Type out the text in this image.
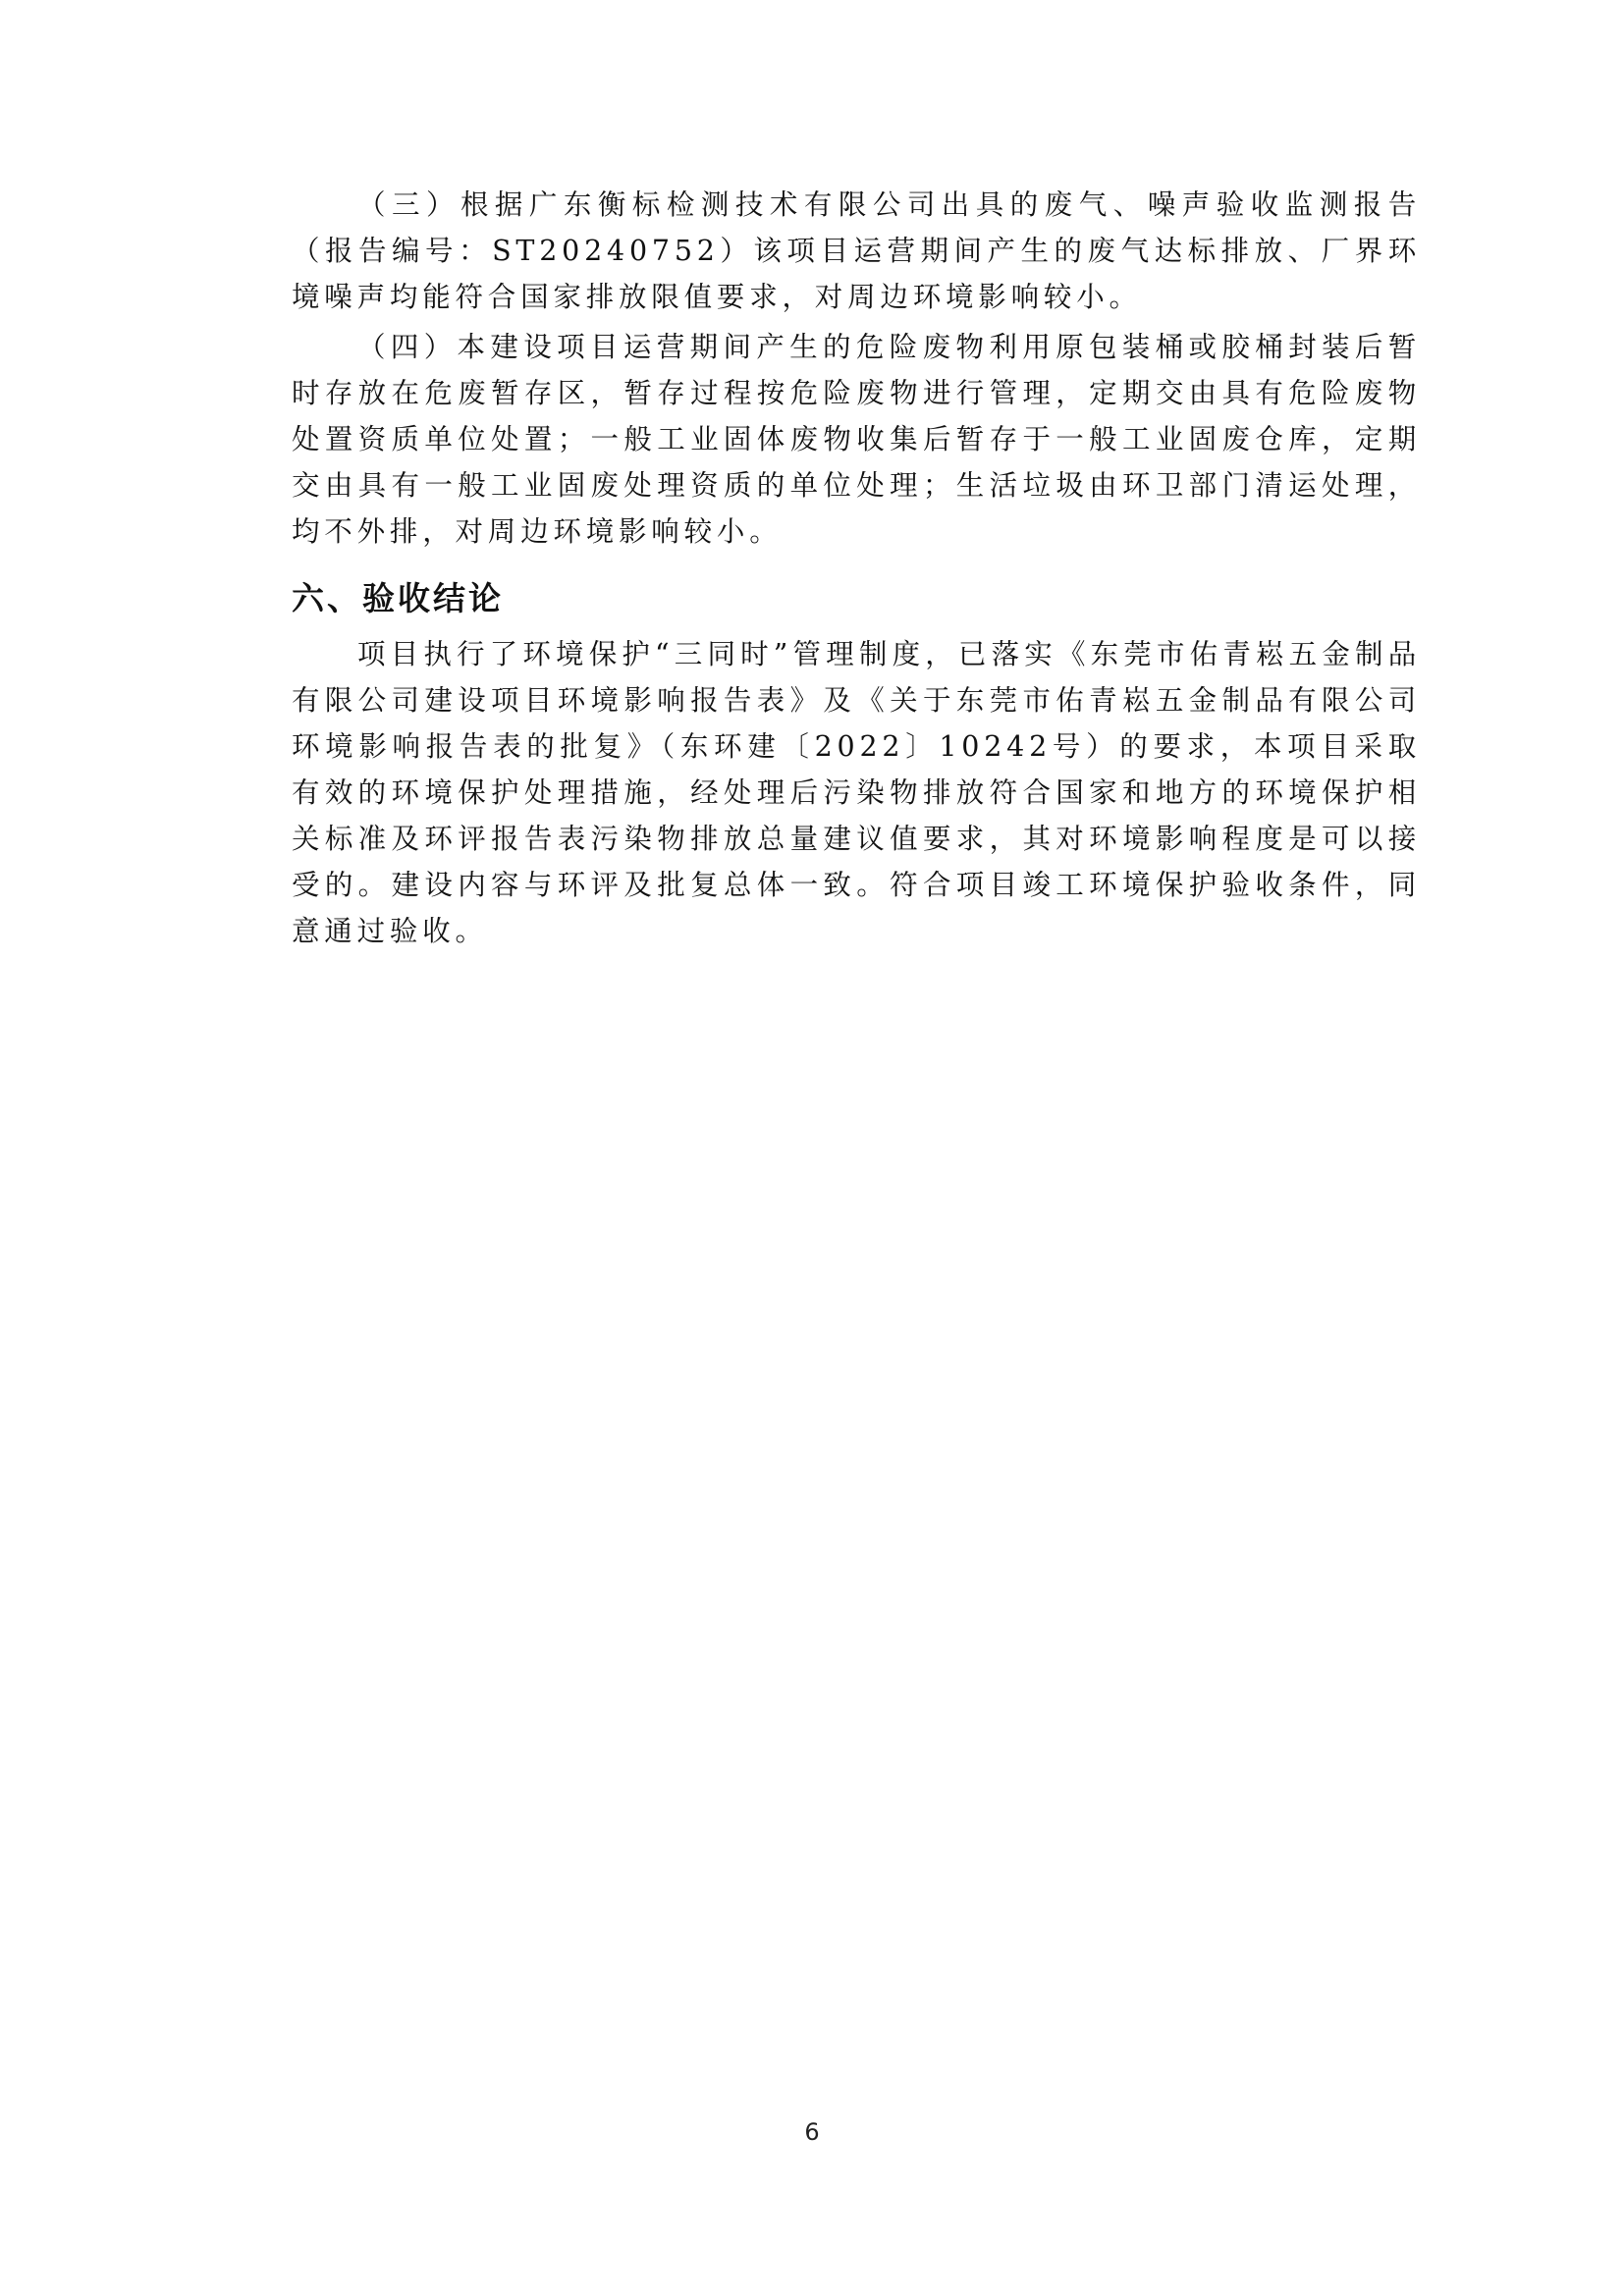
（三）根据广东衡标检测技术有限公司出具的废气、噪声验收监测报告（报告编号：ST20240752）该项目运营期间产生的废气达标排放、厂界环境噪声均能符合国家排放限值要求，对周边环境影响较小。

（四）本建设项目运营期间产生的危险废物利用原包装桶或胶桶封装后暂时存放在危废暂存区，暂存过程按危险废物进行管理，定期交由具有危险废物处置资质单位处置；一般工业固体废物收集后暂存于一般工业固废仓库，定期交由具有一般工业固废处理资质的单位处理；生活垃圾由环卫部门清运处理，均不外排，对周边环境影响较小。

六、验收结论

项目执行了环境保护“三同时”管理制度，已落实《东莞市佑青崧五金制品有限公司建设项目环境影响报告表》及《关于东莞市佑青崧五金制品有限公司环境影响报告表的批复》（东环建〔2022〕10242号）的要求，本项目采取有效的环境保护处理措施，经处理后污染物排放符合国家和地方的环境保护相关标准及环评报告表污染物排放总量建议值要求，其对环境影响程度是可以接受的。建设内容与环评及批复总体一致。符合项目竣工环境保护验收条件，同意通过验收。

6
